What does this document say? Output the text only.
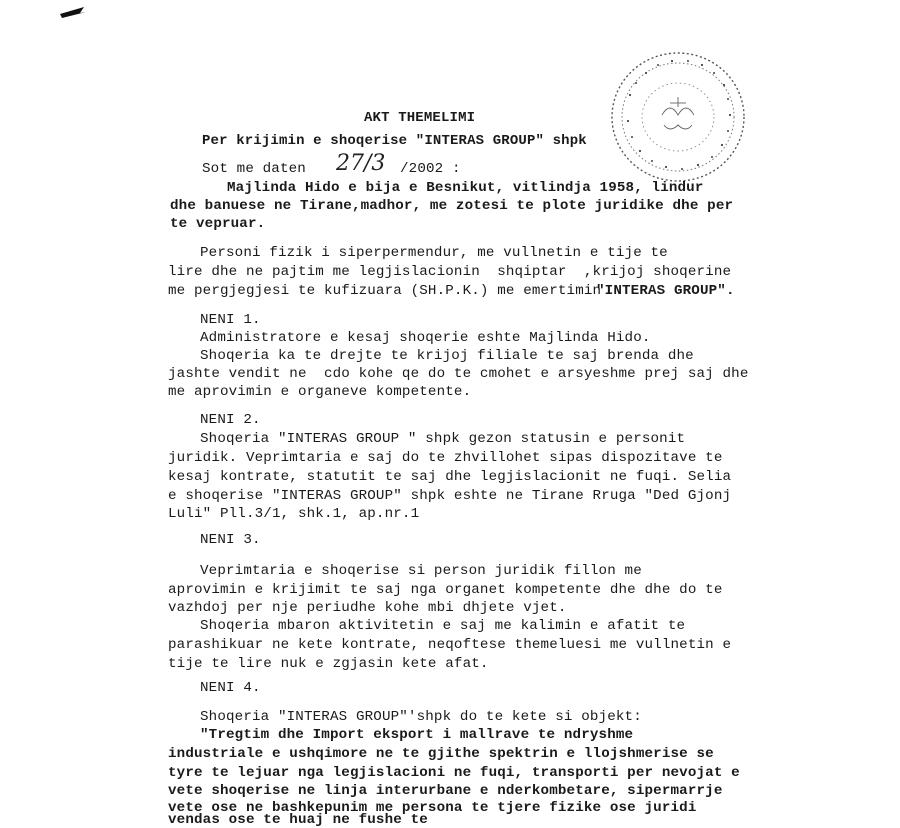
AKT THEMELIMI
Per krijimin e shoqerise "INTERAS GROUP" shpk
Sot me daten 27/3 /2002 :
Majlinda Hido e bija e Besnikut, vitlindja 1958, lindur
dhe banuese ne Tirane,madhor, me zotesi te plote juridike dhe per
te vepruar.
Personi fizik i siperpermendur, me vullnetin e tije te
lire dhe ne pajtim me legjislacionin  shqiptar  ,krijoj shoqerine
me pergjegjesi te kufizuara (SH.P.K.) me emertimin
"INTERAS GROUP".
NENI 1.
Administratore e kesaj shoqerie eshte Majlinda Hido.
Shoqeria ka te drejte te krijoj filiale te saj brenda dhe
jashte vendit ne  cdo kohe qe do te cmohet e arsyeshme prej saj dhe
me aprovimin e organeve kompetente.
NENI 2.
Shoqeria "INTERAS GROUP " shpk gezon statusin e personit
juridik. Veprimtaria e saj do te zhvillohet sipas dispozitave te
kesaj kontrate, statutit te saj dhe legjislacionit ne fuqi. Selia
e shoqerise "INTERAS GROUP" shpk eshte ne Tirane Rruga "Ded Gjonj
Luli" Pll.3/1, shk.1, ap.nr.1
NENI 3.
Veprimtaria e shoqerise si person juridik fillon me
aprovimin e krijimit te saj nga organet kompetente dhe dhe do te
vazhdoj per nje periudhe kohe mbi dhjete vjet.
Shoqeria mbaron aktivitetin e saj me kalimin e afatit te
parashikuar ne kete kontrate, neqoftese themeluesi me vullnetin e
tije te lire nuk e zgjasin kete afat.
NENI 4.
Shoqeria "INTERAS GROUP"'shpk do te kete si objekt:
"Tregtim dhe Import eksport i mallrave te ndryshme
industriale e ushqimore ne te gjithe spektrin e llojshmerise se
tyre te lejuar nga legjislacioni ne fuqi, transporti per nevojat e
vete shoqerise ne linja interurbane e nderkombetare, sipermarrje
vete ose ne bashkepunim me persona te tjere fizike ose juridi
vendas ose te huaj ne fushe te
